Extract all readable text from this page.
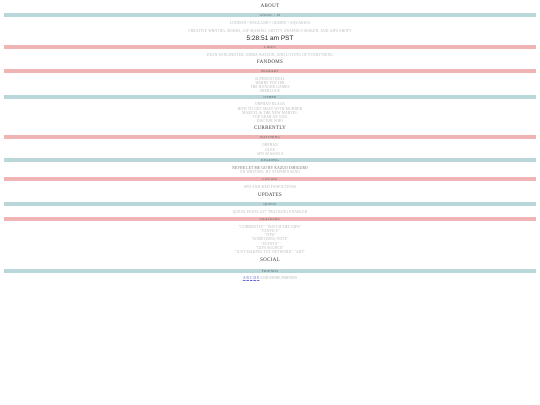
ABOUT
ANGEL / 18
LONDON • ENGLAND • GEMINI • AQUARIUS
CREATIVE WRITING, BOOKS, GIF MAKING, GRITTY GRAPHICS MAKER, AND GIFS SHOPT
5:28:51 am PST
LIKES
DEAN WINCHESTER, EMMA WATSON, AND LOVING OF EVERYTHING
FANDOMS
PRIMARY
SUPERNATURAL
HARRY POTTER
THE HUNGER GAMES
SHERLOCK
OTHER
ORPHAN BLACK
HOW TO GET AWAY WITH MURDER
MARVEL & THE NEW MARVEL
TOP GEAR OF GOD
DOCTOR WHO
CURRENTLY
WATCHING
ORPHAN
GLEE
SPN SEASON 8
READING
NEVER LET ME GO BY KAZUO ISHIGURO
ON WRITING: BY STEPHEN KING
LOVING
SPN AND BAD FANFICTIONS
UPDATES
QUEUE
QUEUE POSTS 24/7 TRACKING ENABLED
TRACKING
"CURRENTLY" "WATCH THE GIFS"
"FANFICS"
"TIPS"
"SOMETHING NOTE"
"SCENTS"
"GIFS SOURCE"
"JUST MAKING TUT NETWORK" "ART"
SOCIAL
FRIENDS
A B C D E AND MORE FRIENDS
